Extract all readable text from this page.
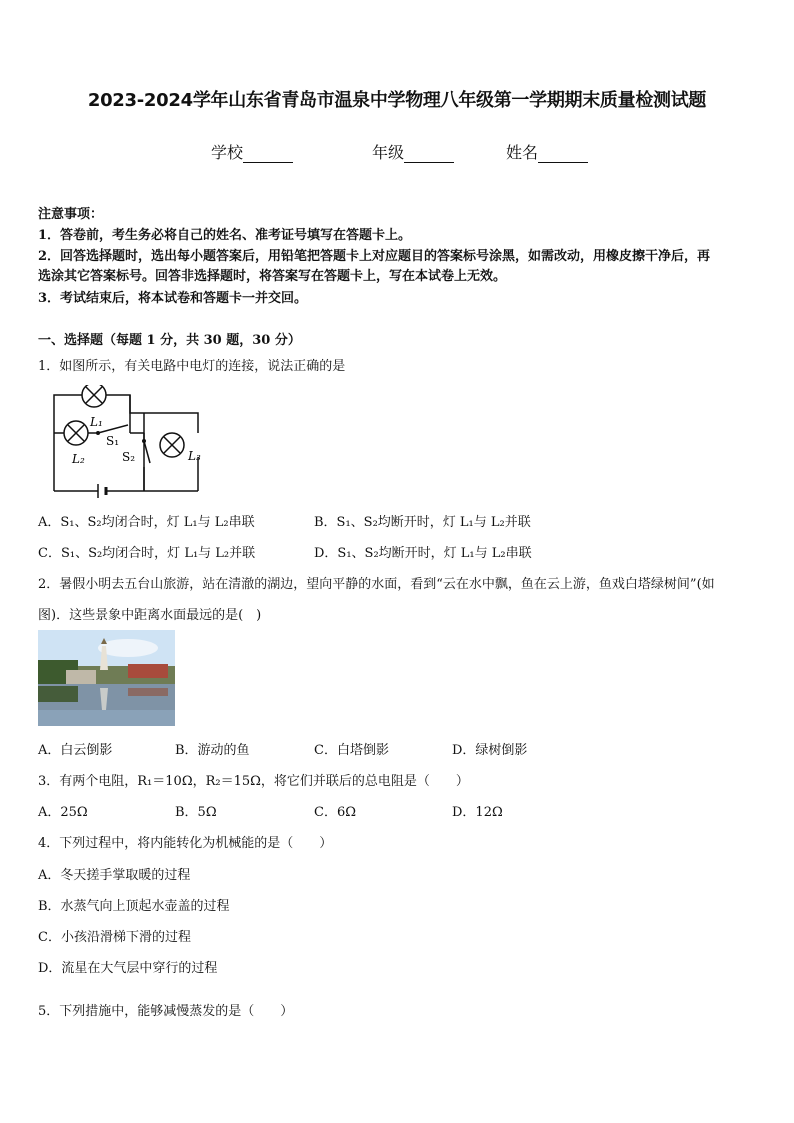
2023-2024学年山东省青岛市温泉中学物理八年级第一学期期末质量检测试题
学校	年级	姓名
注意事项：
1．答卷前，考生务必将自己的姓名、准考证号填写在答题卡上。
2．回答选择题时，选出每小题答案后，用铅笔把答题卡上对应题目的答案标号涂黑，如需改动，用橡皮擦干净后，再
选涂其它答案标号。回答非选择题时，将答案写在答题卡上，写在本试卷上无效。
3．考试结束后，将本试卷和答题卡一并交回。
一、选择题（每题 1 分，共 30 题，30 分）
1．如图所示，有关电路中电灯的连接，说法正确的是
L₁
L₂	L₃
S₁
S₂
A．S₁、S₂均闭合时，灯 L₁与 L₂串联	B．S₁、S₂均断开时，灯 L₁与 L₂并联
C．S₁、S₂均闭合时，灯 L₁与 L₂并联	D．S₁、S₂均断开时，灯 L₁与 L₂串联
2．暑假小明去五台山旅游，站在清澈的湖边，望向平静的水面，看到“云在水中飘，鱼在云上游，鱼戏白塔绿树间”(如
图)．这些景象中距离水面最远的是(　)
A．白云倒影	B．游动的鱼	C．白塔倒影	D．绿树倒影
3．有两个电阻，R₁＝10Ω，R₂＝15Ω，将它们并联后的总电阻是（　　）
A．25Ω	B．5Ω	C．6Ω	D．12Ω
4．下列过程中，将内能转化为机械能的是（　　）
A．冬天搓手掌取暖的过程
B．水蒸气向上顶起水壶盖的过程
C．小孩沿滑梯下滑的过程
D．流星在大气层中穿行的过程
5．下列措施中，能够减慢蒸发的是（　　）
